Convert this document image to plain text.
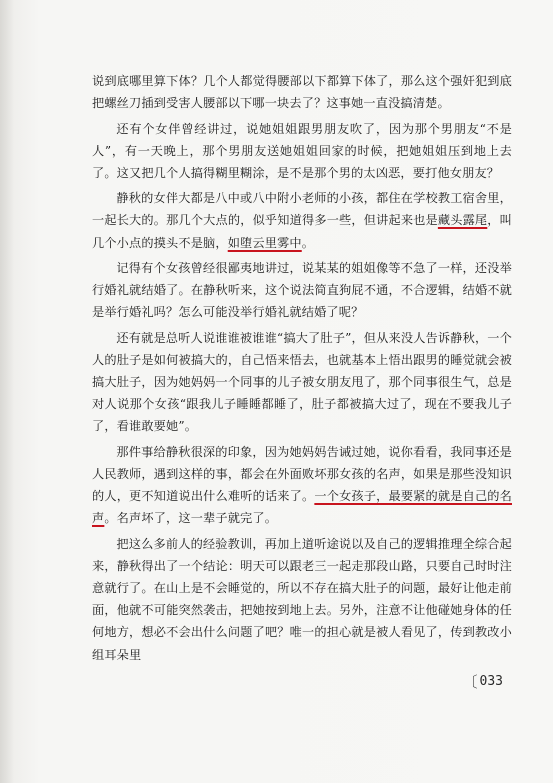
说到底哪里算下体？几个人都觉得腰部以下都算下体了，那么这个强奸犯到底把螺丝刀插到受害人腰部以下哪一块去了？这事她一直没搞清楚。

还有个女伴曾经讲过，说她姐姐跟男朋友吹了，因为那个男朋友“不是人”，有一天晚上，那个男朋友送她姐姐回家的时候，把她姐姐压到地上去了。这又把几个人搞得糊里糊涂，是不是那个男的太凶恶，要打他女朋友？

静秋的女伴大都是八中或八中附小老师的小孩，都住在学校教工宿舍里，一起长大的。那几个大点的，似乎知道得多一些，但讲起来也是藏头露尾，叫几个小点的摸头不是脑，如堕云里雾中。

记得有个女孩曾经很鄙夷地讲过，说某某的姐姐像等不急了一样，还没举行婚礼就结婚了。在静秋听来，这个说法简直狗屁不通，不合逻辑，结婚不就是举行婚礼吗？怎么可能没举行婚礼就结婚了呢？

还有就是总听人说谁谁被谁谁“搞大了肚子”，但从来没人告诉静秋，一个人的肚子是如何被搞大的，自己悟来悟去，也就基本上悟出跟男的睡觉就会被搞大肚子，因为她妈妈一个同事的儿子被女朋友甩了，那个同事很生气，总是对人说那个女孩“跟我儿子睡睡都睡了，肚子都被搞大过了，现在不要我儿子了，看谁敢要她”。

那件事给静秋很深的印象，因为她妈妈告诫过她，说你看看，我同事还是人民教师，遇到这样的事，都会在外面败坏那女孩的名声，如果是那些没知识的人，更不知道说出什么难听的话来了。一个女孩子，最要紧的就是自己的名声。名声坏了，这一辈子就完了。

把这么多前人的经验教训，再加上道听途说以及自己的逻辑推理全综合起来，静秋得出了一个结论：明天可以跟老三一起走那段山路，只要自己时时注意就行了。在山上是不会睡觉的，所以不存在搞大肚子的问题，最好让他走前面，他就不可能突然袭击，把她按到地上去。另外，注意不让他碰她身体的任何地方，想必不会出什么问题了吧？唯一的担心就是被人看见了，传到教改小组耳朵里

〔 033
